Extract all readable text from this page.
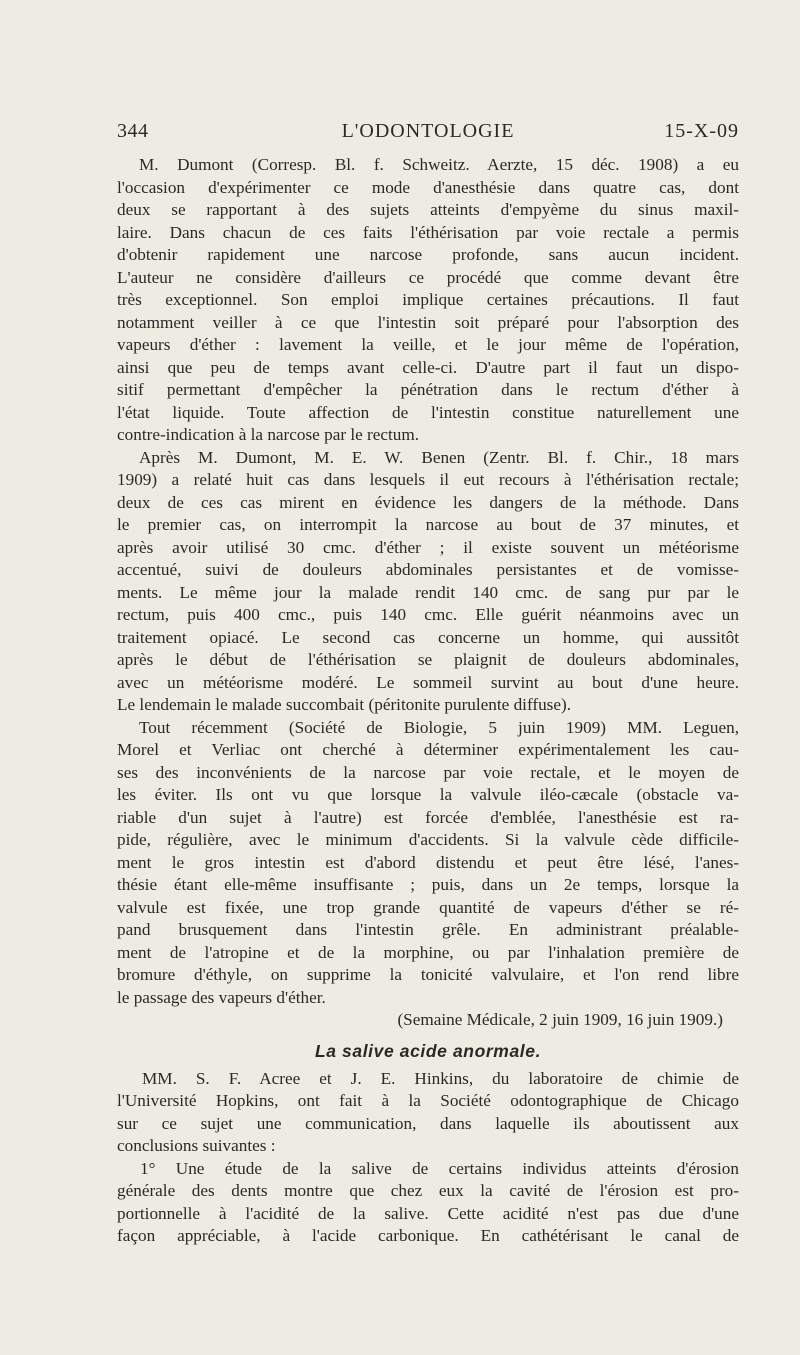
344	L'ODONTOLOGIE	15-X-09
M. Dumont (Corresp. Bl. f. Schweitz. Aerzte, 15 déc. 1908) a eu
l'occasion d'expérimenter ce mode d'anesthésie dans quatre cas, dont
deux se rapportant à des sujets atteints d'empyème du sinus maxil-
laire. Dans chacun de ces faits l'éthérisation par voie rectale a permis
d'obtenir rapidement une narcose profonde, sans aucun incident.
L'auteur ne considère d'ailleurs ce procédé que comme devant être
très exceptionnel. Son emploi implique certaines précautions. Il faut
notamment veiller à ce que l'intestin soit préparé pour l'absorption des
vapeurs d'éther : lavement la veille, et le jour même de l'opération,
ainsi que peu de temps avant celle-ci. D'autre part il faut un dispo-
sitif permettant d'empêcher la pénétration dans le rectum d'éther à
l'état liquide. Toute affection de l'intestin constitue naturellement une
contre-indication à la narcose par le rectum.
Après M. Dumont, M. E. W. Benen (Zentr. Bl. f. Chir., 18 mars
1909) a relaté huit cas dans lesquels il eut recours à l'éthérisation rectale;
deux de ces cas mirent en évidence les dangers de la méthode. Dans
le premier cas, on interrompit la narcose au bout de 37 minutes, et
après avoir utilisé 30 cmc. d'éther ; il existe souvent un météorisme
accentué, suivi de douleurs abdominales persistantes et de vomisse-
ments. Le même jour la malade rendit 140 cmc. de sang pur par le
rectum, puis 400 cmc., puis 140 cmc. Elle guérit néanmoins avec un
traitement opiacé. Le second cas concerne un homme, qui aussitôt
après le début de l'éthérisation se plaignit de douleurs abdominales,
avec un météorisme modéré. Le sommeil survint au bout d'une heure.
Le lendemain le malade succombait (péritonite purulente diffuse).
Tout récemment (Société de Biologie, 5 juin 1909) MM. Leguen,
Morel et Verliac ont cherché à déterminer expérimentalement les cau-
ses des inconvénients de la narcose par voie rectale, et le moyen de
les éviter. Ils ont vu que lorsque la valvule iléo-cæcale (obstacle va-
riable d'un sujet à l'autre) est forcée d'emblée, l'anesthésie est ra-
pide, régulière, avec le minimum d'accidents. Si la valvule cède difficile-
ment le gros intestin est d'abord distendu et peut être lésé, l'anes-
thésie étant elle-même insuffisante ; puis, dans un 2e temps, lorsque la
valvule est fixée, une trop grande quantité de vapeurs d'éther se ré-
pand brusquement dans l'intestin grêle. En administrant préalable-
ment de l'atropine et de la morphine, ou par l'inhalation première de
bromure d'éthyle, on supprime la tonicité valvulaire, et l'on rend libre
le passage des vapeurs d'éther.
(Semaine Médicale, 2 juin 1909, 16 juin 1909.)
La salive acide anormale.
MM. S. F. Acree et J. E. Hinkins, du laboratoire de chimie de
l'Université Hopkins, ont fait à la Société odontographique de Chicago
sur ce sujet une communication, dans laquelle ils aboutissent aux
conclusions suivantes :
1° Une étude de la salive de certains individus atteints d'érosion
générale des dents montre que chez eux la cavité de l'érosion est pro-
portionnelle à l'acidité de la salive. Cette acidité n'est pas due d'une
façon appréciable, à l'acide carbonique. En cathétérisant le canal de
